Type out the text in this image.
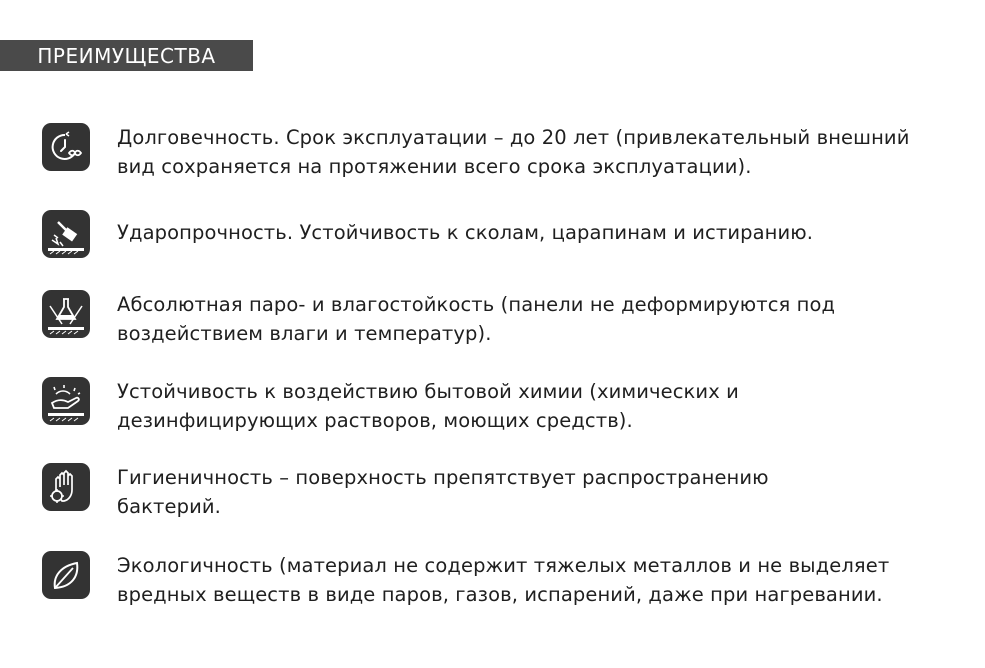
ПРЕИМУЩЕСТВА
Долговечность. Срок эксплуатации – до 20 лет (привлекательный внешний
вид сохраняется на протяжении всего срока эксплуатации).
Ударопрочность. Устойчивость к сколам, царапинам и истиранию.
Абсолютная паро- и влагостойкость (панели не деформируются под
воздействием влаги и температур).
Устойчивость к воздействию бытовой химии (химических и
дезинфицирующих растворов, моющих средств).
Гигиеничность – поверхность препятствует распространению
бактерий.
Экологичность (материал не содержит тяжелых металлов и не выделяет
вредных веществ в виде паров, газов, испарений, даже при нагревании.
